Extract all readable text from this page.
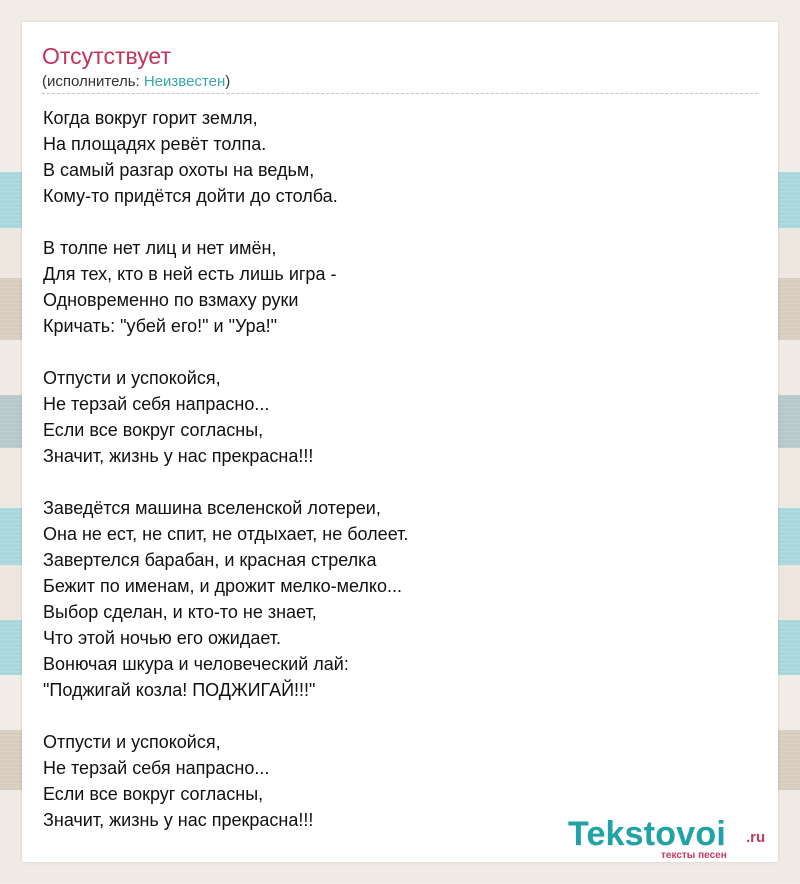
Отсутствует
(исполнитель: Неизвестен)
Когда вокруг горит земля,
На площадях ревёт толпа.
В самый разгар охоты на ведьм,
Кому-то придётся дойти до столба.
В толпе нет лиц и нет имён,
Для тех, кто в ней есть лишь игра -
Одновременно по взмаху руки
Кричать: "убей его!" и "Ура!"
Отпусти и успокойся,
Не терзай себя напрасно...
Если все вокруг согласны,
Значит, жизнь у нас прекрасна!!!
Заведётся машина вселенской лотереи,
Она не ест, не спит, не отдыхает, не болеет.
Завертелся барабан, и красная стрелка
Бежит по именам, и дрожит мелко-мелко...
Выбор сделан, и кто-то не знает,
Что этой ночью его ожидает.
Вонючая шкура и человеческий лай:
"Поджигай козла! ПОДЖИГАЙ!!!"
Отпусти и успокойся,
Не терзай себя напрасно...
Если все вокруг согласны,
Значит, жизнь у нас прекрасна!!!	Tekstovoi .ru
тексты песен
